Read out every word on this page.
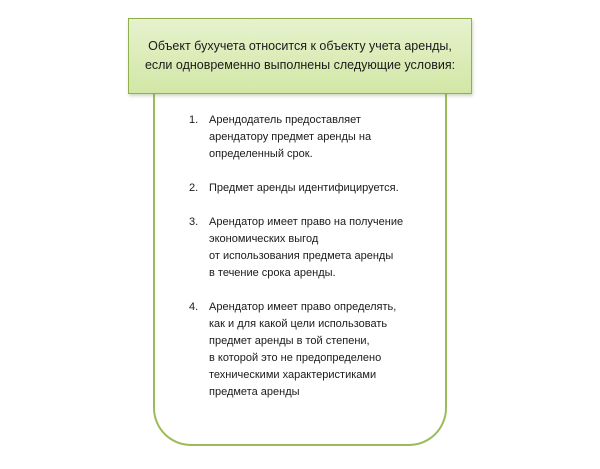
Объект бухучета относится к объекту учета аренды, если одновременно выполнены следующие условия:
1. Арендодатель предоставляет
арендатору предмет аренды на
определенный срок.
2. Предмет аренды идентифицируется.
3. Арендатор имеет право на получение
экономических выгод
от использования предмета аренды
в течение срока аренды.
4. Арендатор имеет право определять,
как и для какой цели использовать
предмет аренды в той степени,
в которой это не предопределено
техническими характеристиками
предмета аренды
